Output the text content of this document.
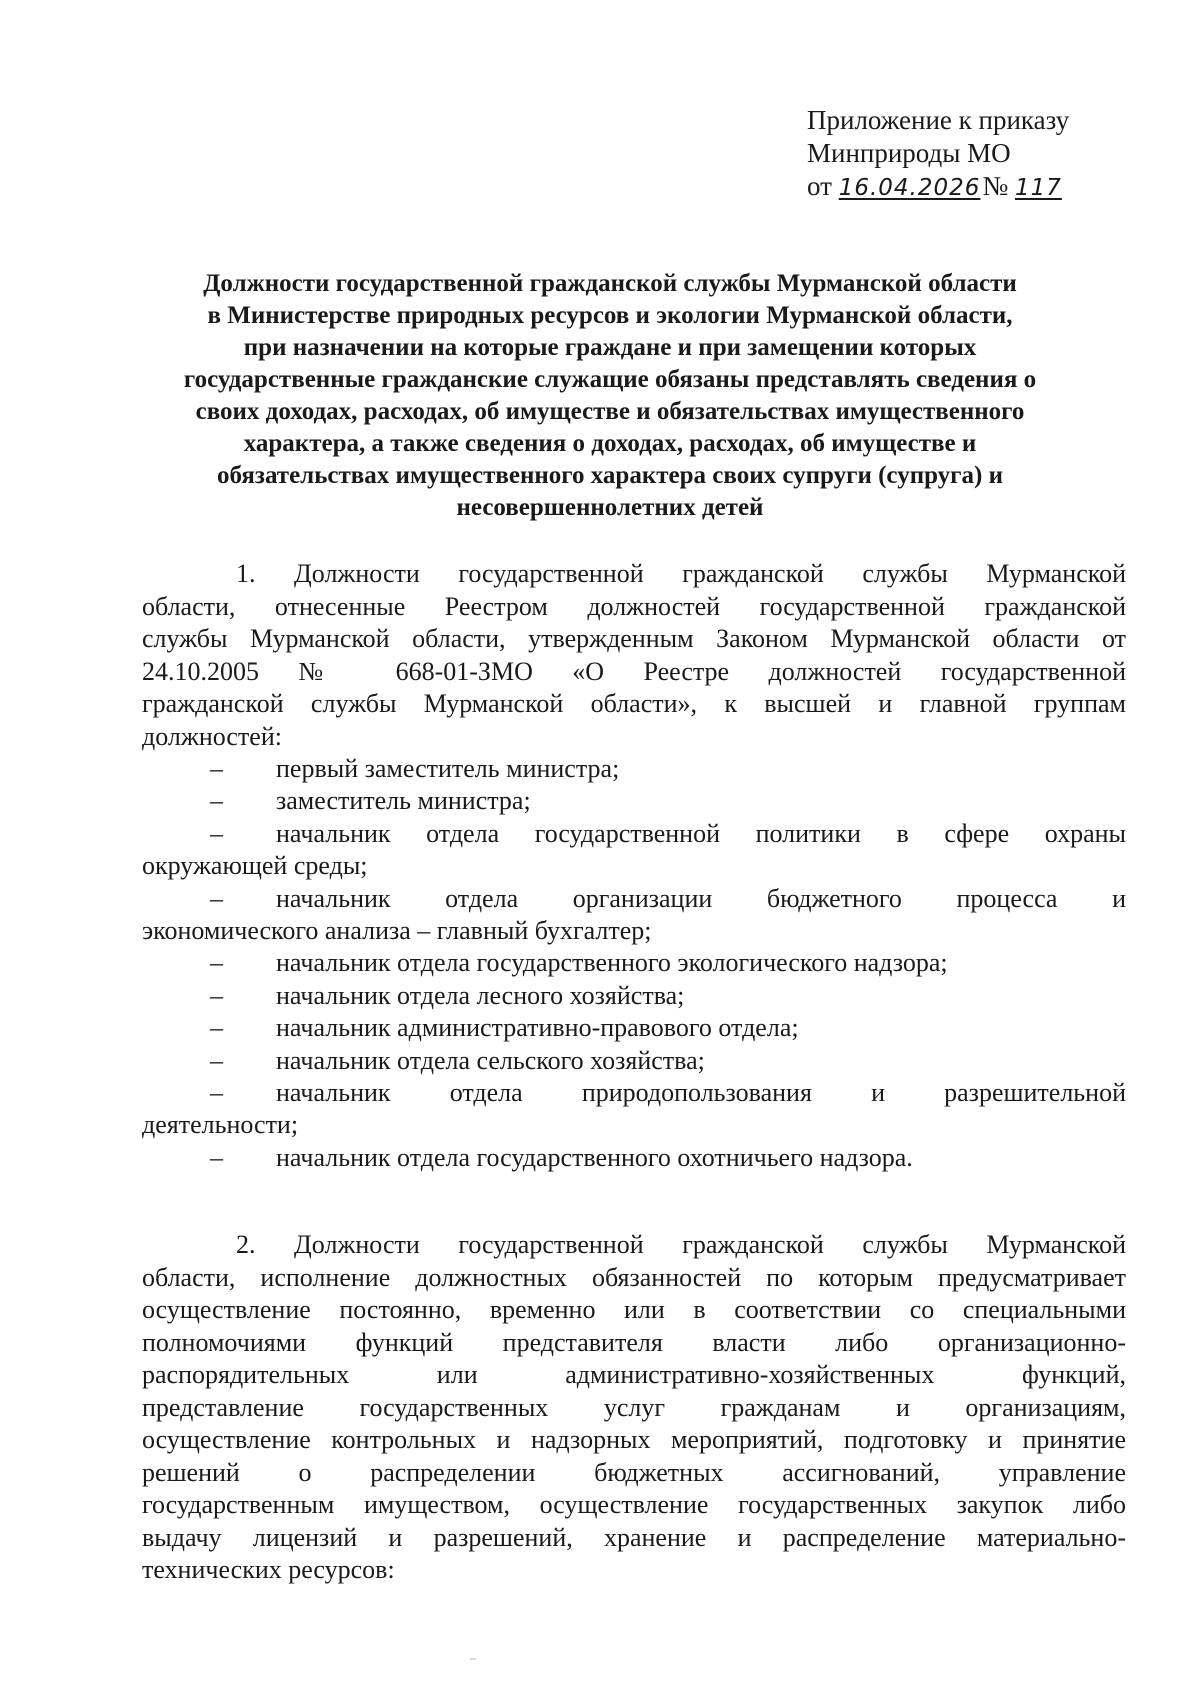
Приложение к приказу
Минприроды МО
от 16.04.2026 № 117
Должности государственной гражданской службы Мурманской области
в Министерстве природных ресурсов и экологии Мурманской области,
при назначении на которые граждане и при замещении которых
государственные гражданские служащие обязаны представлять сведения о
своих доходах, расходах, об имуществе и обязательствах имущественного
характера, а также сведения о доходах, расходах, об имуществе и
обязательствах имущественного характера своих супруги (супруга) и
несовершеннолетних детей
1. Должности государственной гражданской службы Мурманской
области, отнесенные Реестром должностей государственной гражданской
службы Мурманской области, утвержденным Законом Мурманской области от
24.10.2005 № 668-01-ЗМО «О Реестре должностей государственной
гражданской службы Мурманской области», к высшей и главной группам
должностей:
–	первый заместитель министра;
–	заместитель министра;
–	начальник отдела государственной политики в сфере охраны
окружающей среды;
–	начальник отдела организации бюджетного процесса и
экономического анализа – главный бухгалтер;
–	начальник отдела государственного экологического надзора;
–	начальник отдела лесного хозяйства;
–	начальник административно-правового отдела;
–	начальник отдела сельского хозяйства;
–	начальник отдела природопользования и разрешительной
деятельности;
–	начальник отдела государственного охотничьего надзора.
2. Должности государственной гражданской службы Мурманской
области, исполнение должностных обязанностей по которым предусматривает
осуществление постоянно, временно или в соответствии со специальными
полномочиями функций представителя власти либо организационно-
распорядительных или административно-хозяйственных функций,
представление государственных услуг гражданам и организациям,
осуществление контрольных и надзорных мероприятий, подготовку и принятие
решений о распределении бюджетных ассигнований, управление
государственным имуществом, осуществление государственных закупок либо
выдачу лицензий и разрешений, хранение и распределение материально-
технических ресурсов:
